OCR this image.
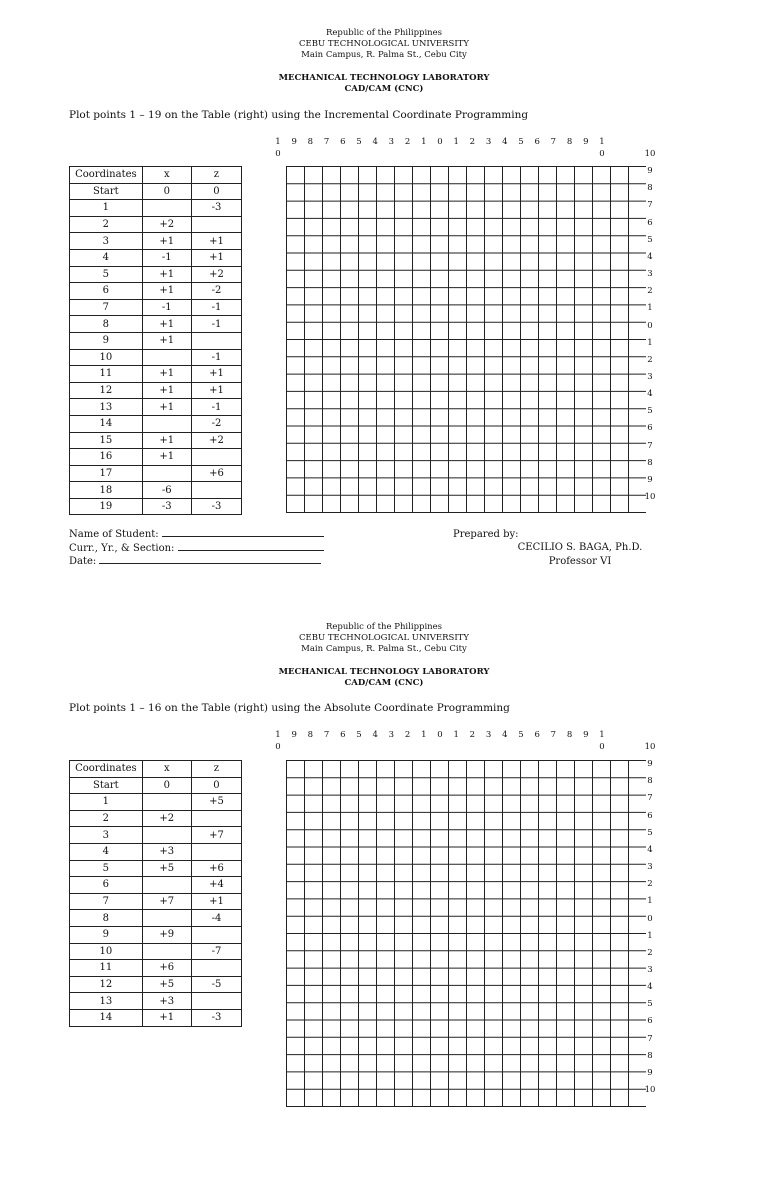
Republic of the Philippines
CEBU TECHNOLOGICAL UNIVERSITY
Main Campus, R. Palma St., Cebu City
MECHANICAL TECHNOLOGY LABORATORY
CAD/CAM (CNC)
Plot points 1 – 19 on the Table (right) using the Incremental Coordinate Programming
1
0
9	8	7	6	5	4	3	2	1	0	1	2	3	4	5	6	7	8	9	1
0	10
9
8
7
6
5
4
3
2
1
0
1
2
3
4
5
6
7
8
9
10
Coordinates	x	z
Start	0	0
1		-3
2	+2	
3	+1	+1
4	-1	+1
5	+1	+2
6	+1	-2
7	-1	-1
8	+1	-1
9	+1	
10		-1
11	+1	+1
12	+1	+1
13	+1	-1
14		-2
15	+1	+2
16	+1	
17		+6
18	-6	
19	-3	-3
Name of Student:
Curr., Yr., & Section:
Date:
Prepared by:
CECILIO S. BAGA, Ph.D.
Professor VI
Republic of the Philippines
CEBU TECHNOLOGICAL UNIVERSITY
Main Campus, R. Palma St., Cebu City
MECHANICAL TECHNOLOGY LABORATORY
CAD/CAM (CNC)
Plot points 1 – 16 on the Table (right) using the Absolute Coordinate Programming
1
0
9	8	7	6	5	4	3	2	1	0	1	2	3	4	5	6	7	8	9	1
0	10
9
8
7
6
5
4
3
2
1
0
1
2
3
4
5
6
7
8
9
10
Coordinates	x	z
Start	0	0
1		+5
2	+2	
3		+7
4	+3	
5	+5	+6
6		+4
7	+7	+1
8		-4
9	+9	
10		-7
11	+6	
12	+5	-5
13	+3	
14	+1	-3
